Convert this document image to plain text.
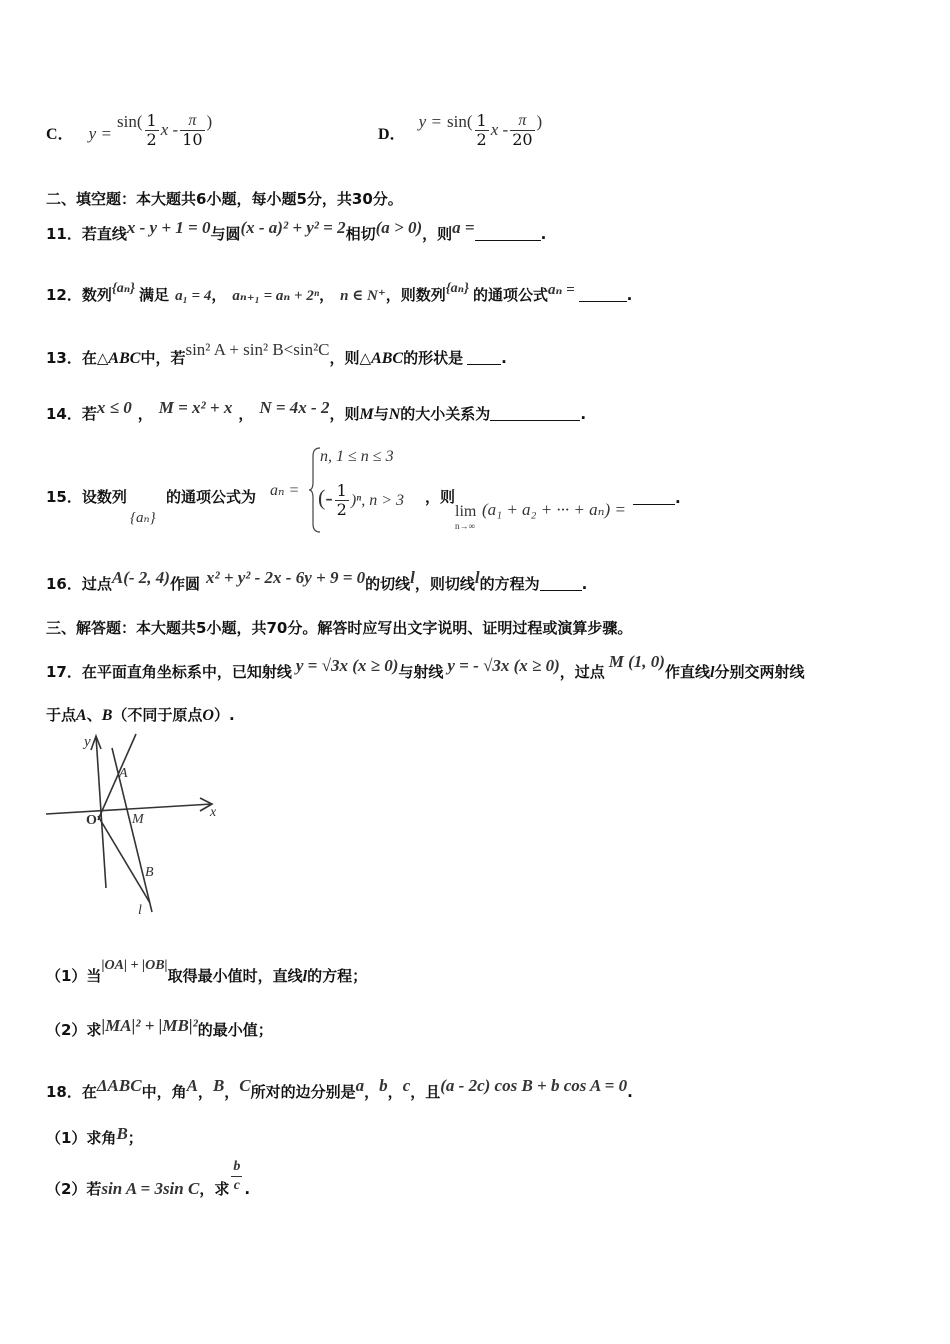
C． $y = \sin( \frac{1}{2}$ x - $\frac{\pi}{10}$ )
D． $y = \sin( \frac{1}{2}$ x - $\frac{\pi}{20}$ )
二、填空题：本大题共6小题，每小题5分，共30分。
11．若直线x - y + 1 = 0与圆(x - a)² + y² = 2相切(a > 0)，则a =	.
12．数列{aₙ} 满足 a₁ = 4， aₙ₊₁ = aₙ + 2ⁿ， n ∈ N⁺，则数列{aₙ} 的通项公式aₙ =	.
13．在△ABC中，若sin² A + sin² B<sin²C，则△ABC的形状是	.
14．若x ≤ 0 ， M = x² + x ， N = 4x - 2，则M与N的大小关系为	.
15．设数列
{aₙ}
的通项公式为 aₙ =
n, 1 ≤ n ≤ 3
(- $\frac{1}{2} )^n$, n > 3 ，则
lim
n→∞
(a₁ + a₂ + ··· + aₙ) =
.
16．过点A(- 2, 4)作圆 x² + y² - 2x - 6y + 9 = 0的切线l，则切线l的方程为	.
三、解答题：本大题共5小题，共70分。解答时应写出文字说明、证明过程或演算步骤。
17．在平面直角坐标系中，已知射线 y = √3x (x ≥ 0)与射线 y = - √3x (x ≥ 0)，过点M (1, 0)作直线l分别交两射线
于点A、B（不同于原点O）.
y
x
O
A
M
B
l
（1）当|OA| + |OB|取得最小值时，直线l的方程；
（2）求|MA|² + |MB|²的最小值；
18．在ΔABC中，角A，B，C所对的边分别是a，b，c，且(a - 2c) cos B + b cos A = 0.
（1）求角B；
（2）若sin A = 3sin C，求 $\frac{b}{c}$ .
